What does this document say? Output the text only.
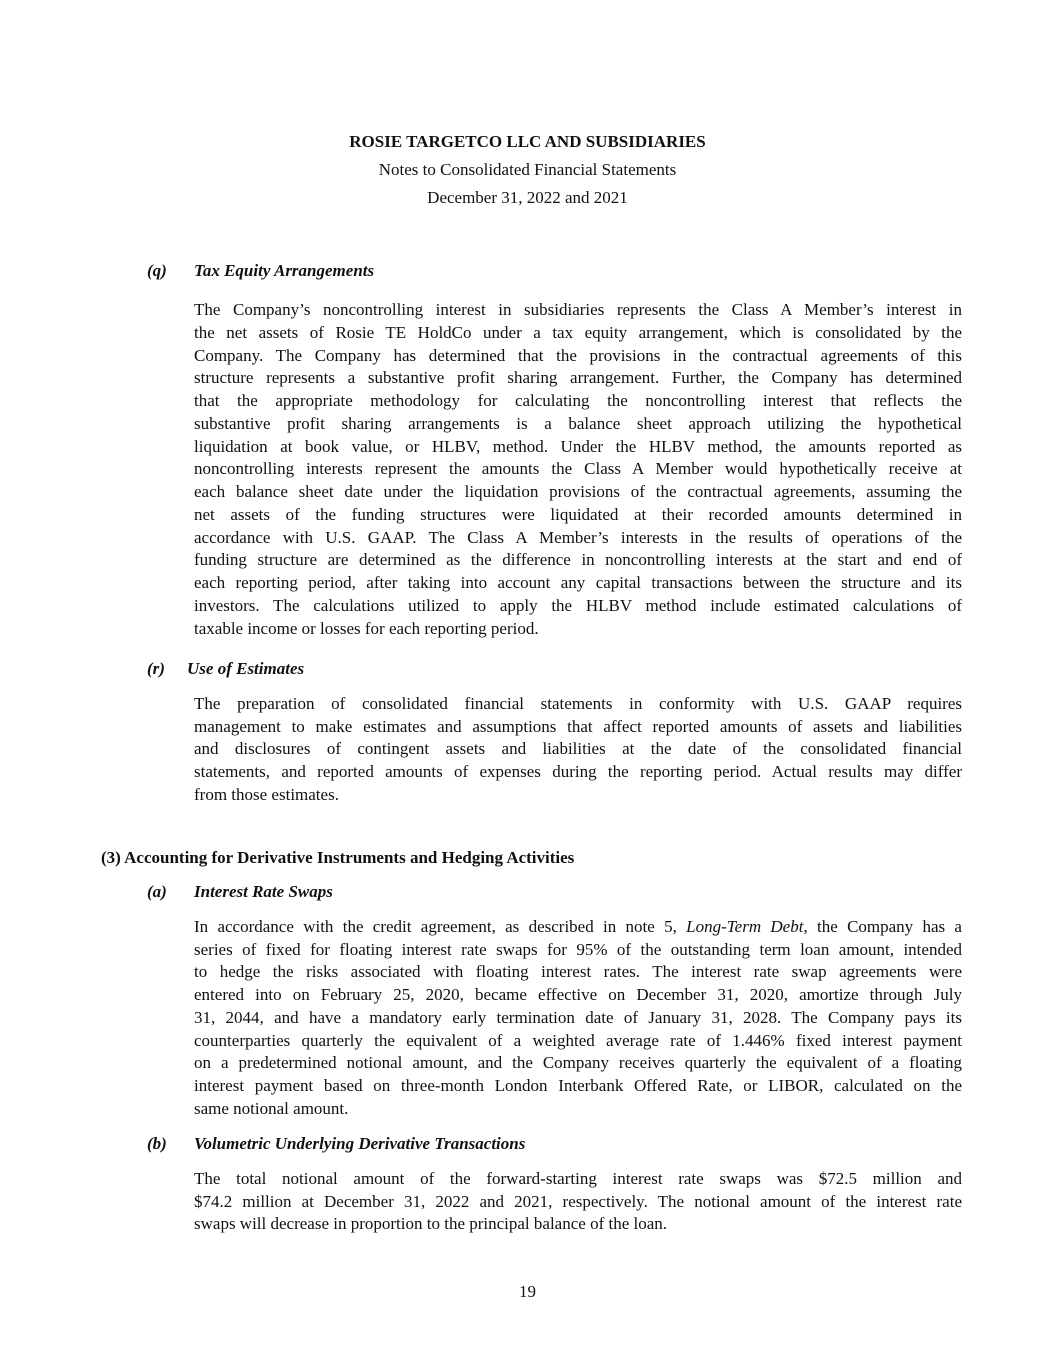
ROSIE TARGETCO LLC AND SUBSIDIARIES
Notes to Consolidated Financial Statements
December 31, 2022 and 2021
(q) Tax Equity Arrangements
The Company’s noncontrolling interest in subsidiaries represents the Class A Member’s interest in
the net assets of Rosie TE HoldCo under a tax equity arrangement, which is consolidated by the
Company. The Company has determined that the provisions in the contractual agreements of this
structure represents a substantive profit sharing arrangement. Further, the Company has determined
that the appropriate methodology for calculating the noncontrolling interest that reflects the
substantive profit sharing arrangements is a balance sheet approach utilizing the hypothetical
liquidation at book value, or HLBV, method. Under the HLBV method, the amounts reported as
noncontrolling interests represent the amounts the Class A Member would hypothetically receive at
each balance sheet date under the liquidation provisions of the contractual agreements, assuming the
net assets of the funding structures were liquidated at their recorded amounts determined in
accordance with U.S. GAAP. The Class A Member’s interests in the results of operations of the
funding structure are determined as the difference in noncontrolling interests at the start and end of
each reporting period, after taking into account any capital transactions between the structure and its
investors. The calculations utilized to apply the HLBV method include estimated calculations of
taxable income or losses for each reporting period.
(r) Use of Estimates
The preparation of consolidated financial statements in conformity with U.S. GAAP requires
management to make estimates and assumptions that affect reported amounts of assets and liabilities
and disclosures of contingent assets and liabilities at the date of the consolidated financial
statements, and reported amounts of expenses during the reporting period. Actual results may differ
from those estimates.
(3) Accounting for Derivative Instruments and Hedging Activities
(a) Interest Rate Swaps
In accordance with the credit agreement, as described in note 5, Long-Term Debt, the Company has a
series of fixed for floating interest rate swaps for 95% of the outstanding term loan amount, intended
to hedge the risks associated with floating interest rates. The interest rate swap agreements were
entered into on February 25, 2020, became effective on December 31, 2020, amortize through July
31, 2044, and have a mandatory early termination date of January 31, 2028. The Company pays its
counterparties quarterly the equivalent of a weighted average rate of 1.446% fixed interest payment
on a predetermined notional amount, and the Company receives quarterly the equivalent of a floating
interest payment based on three-month London Interbank Offered Rate, or LIBOR, calculated on the
same notional amount.
(b) Volumetric Underlying Derivative Transactions
The total notional amount of the forward-starting interest rate swaps was $72.5 million and
$74.2 million at December 31, 2022 and 2021, respectively. The notional amount of the interest rate
swaps will decrease in proportion to the principal balance of the loan.
19
